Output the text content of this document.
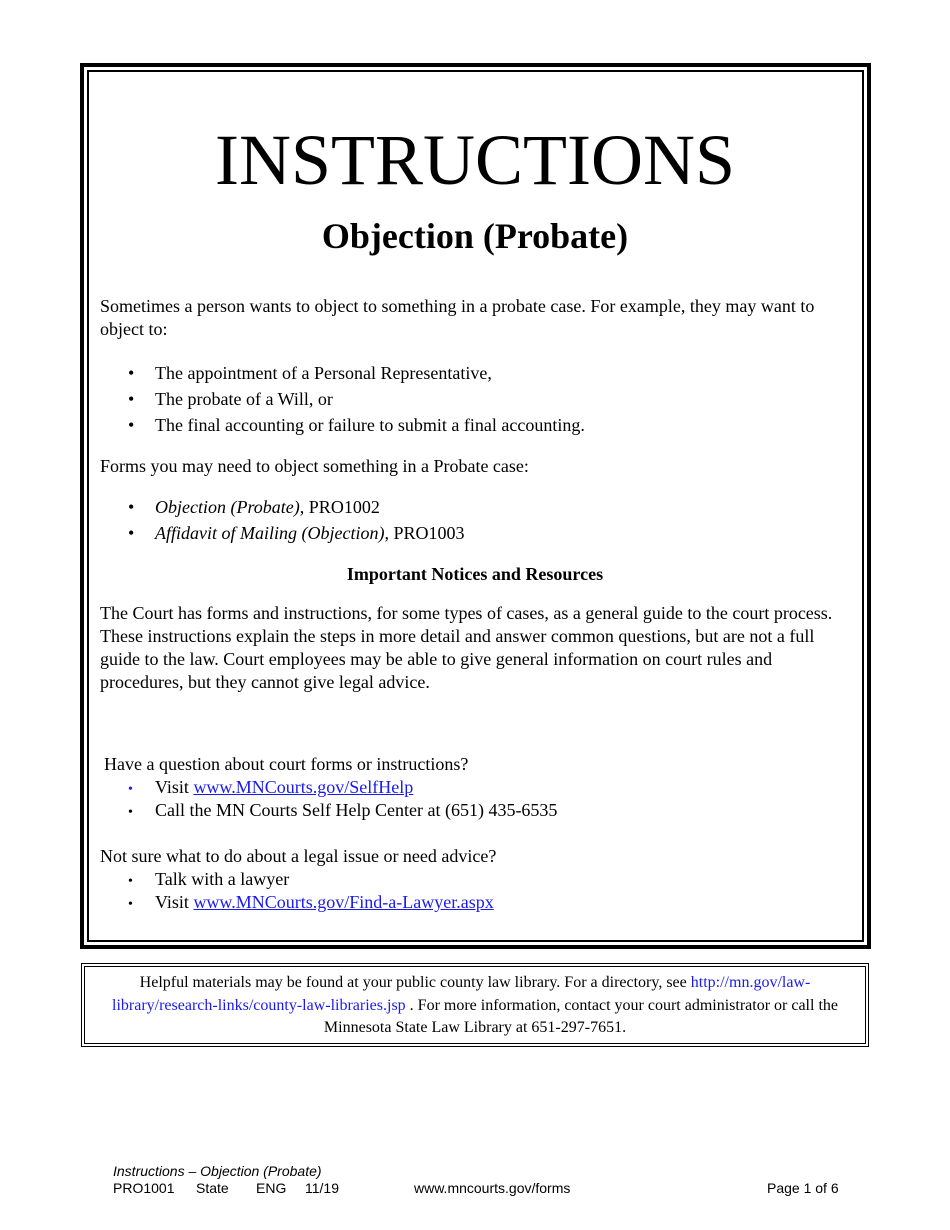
INSTRUCTIONS
Objection (Probate)
Sometimes a person wants to object to something in a probate case. For example, they may want to object to:
• The appointment of a Personal Representative,
• The probate of a Will, or
• The final accounting or failure to submit a final accounting.
Forms you may need to object something in a Probate case:
• Objection (Probate), PRO1002
• Affidavit of Mailing (Objection), PRO1003
Important Notices and Resources
The Court has forms and instructions, for some types of cases, as a general guide to the court process. These instructions explain the steps in more detail and answer common questions, but are not a full guide to the law. Court employees may be able to give general information on court rules and procedures, but they cannot give legal advice.
Have a question about court forms or instructions?
• Visit www.MNCourts.gov/SelfHelp
• Call the MN Courts Self Help Center at (651) 435-6535
Not sure what to do about a legal issue or need advice?
• Talk with a lawyer
• Visit www.MNCourts.gov/Find-a-Lawyer.aspx
Helpful materials may be found at your public county law library. For a directory, see http://mn.gov/law-library/research-links/county-law-libraries.jsp . For more information, contact your court administrator or call the Minnesota State Law Library at 651-297-7651.
Instructions – Objection (Probate)
PRO1001 State ENG 11/19	www.mncourts.gov/forms	Page 1 of 6
